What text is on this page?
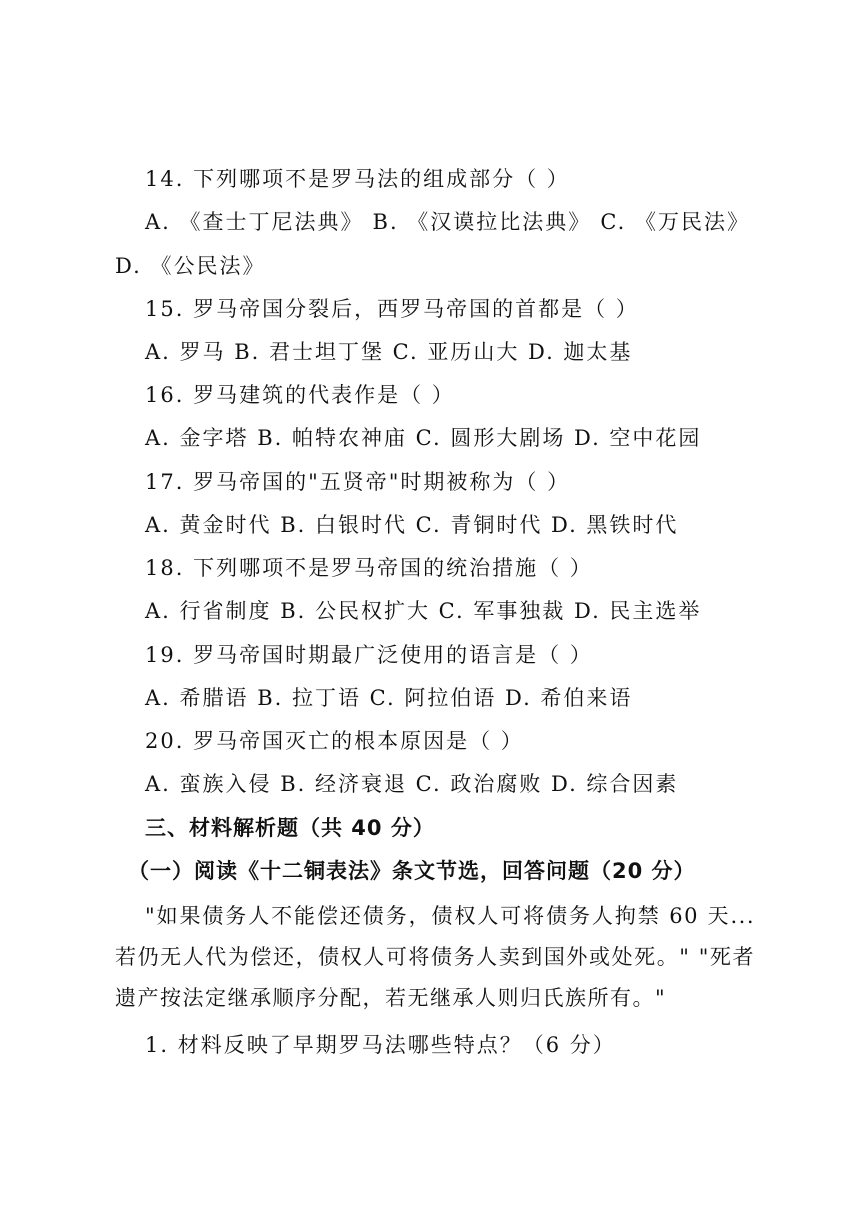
14. 下列哪项不是罗马法的组成部分（ ）
A. 《查士丁尼法典》 B. 《汉谟拉比法典》 C. 《万民法》
D. 《公民法》
15. 罗马帝国分裂后，西罗马帝国的首都是（ ）
A. 罗马 B. 君士坦丁堡 C. 亚历山大 D. 迦太基
16. 罗马建筑的代表作是（ ）
A. 金字塔 B. 帕特农神庙 C. 圆形大剧场 D. 空中花园
17. 罗马帝国的"五贤帝"时期被称为（ ）
A. 黄金时代 B. 白银时代 C. 青铜时代 D. 黑铁时代
18. 下列哪项不是罗马帝国的统治措施（ ）
A. 行省制度 B. 公民权扩大 C. 军事独裁 D. 民主选举
19. 罗马帝国时期最广泛使用的语言是（ ）
A. 希腊语 B. 拉丁语 C. 阿拉伯语 D. 希伯来语
20. 罗马帝国灭亡的根本原因是（ ）
A. 蛮族入侵 B. 经济衰退 C. 政治腐败 D. 综合因素
三、材料解析题（共 40 分）
（一）阅读《十二铜表法》条文节选，回答问题（20 分）
"如果债务人不能偿还债务，债权人可将债务人拘禁 60 天...若仍无人代为偿还，债权人可将债务人卖到国外或处死。" "死者遗产按法定继承顺序分配，若无继承人则归氏族所有。"
1. 材料反映了早期罗马法哪些特点？（6 分）
